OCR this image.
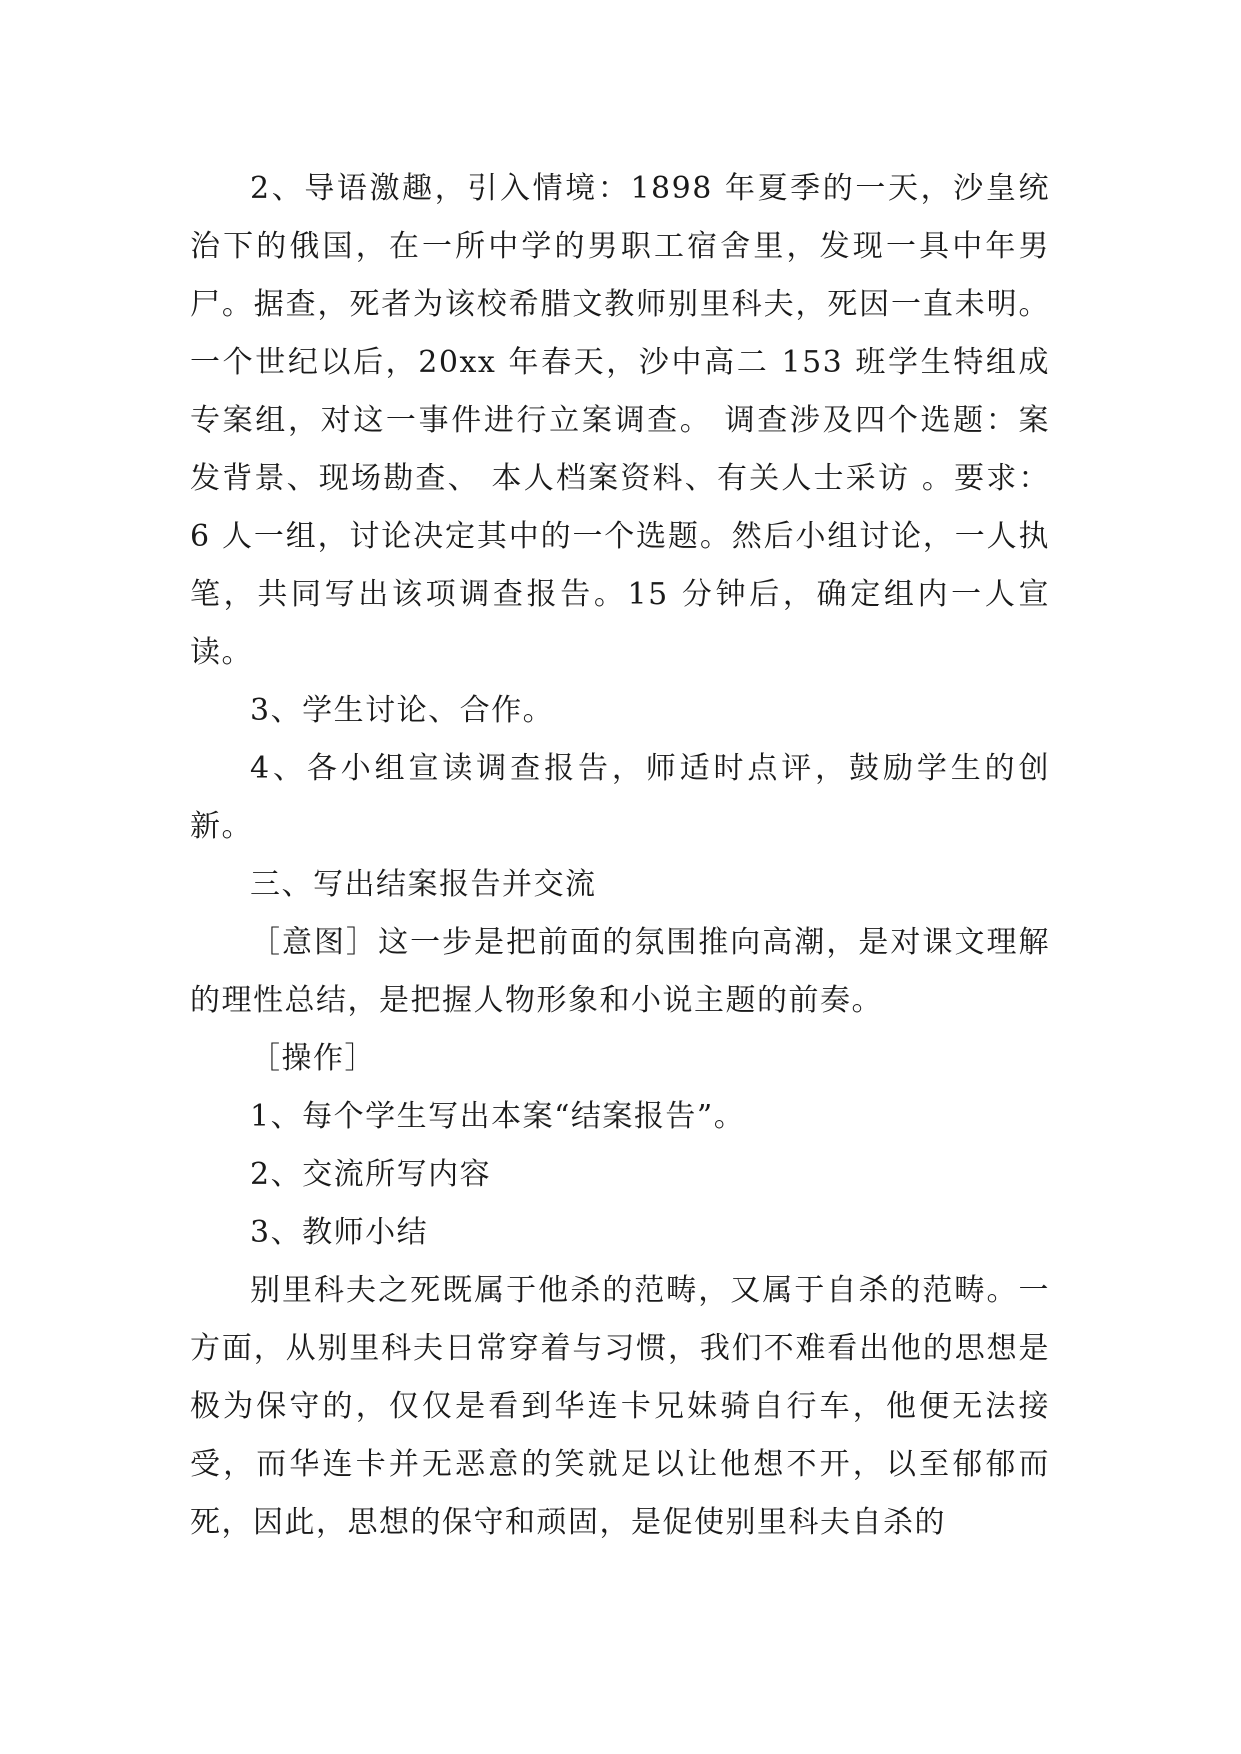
2、导语激趣，引入情境：1898 年夏季的一天，沙皇统治下的俄国，在一所中学的男职工宿舍里，发现一具中年男尸。据查，死者为该校希腊文教师别里科夫，死因一直未明。一个世纪以后，20xx 年春天，沙中高二 153 班学生特组成专案组，对这一事件进行立案调查。 调查涉及四个选题：案发背景、现场勘查、 本人档案资料、有关人士采访 。要求：6 人一组，讨论决定其中的一个选题。然后小组讨论，一人执笔，共同写出该项调查报告。15 分钟后，确定组内一人宣读。

3、学生讨论、合作。

4、各小组宣读调查报告，师适时点评，鼓励学生的创新。

三、写出结案报告并交流

［意图］这一步是把前面的氛围推向高潮，是对课文理解的理性总结，是把握人物形象和小说主题的前奏。

［操作］

1、每个学生写出本案“结案报告”。

2、交流所写内容

3、教师小结

别里科夫之死既属于他杀的范畴，又属于自杀的范畴。一方面，从别里科夫日常穿着与习惯，我们不难看出他的思想是极为保守的，仅仅是看到华连卡兄妹骑自行车，他便无法接受，而华连卡并无恶意的笑就足以让他想不开，以至郁郁而死，因此，思想的保守和顽固，是促使别里科夫自杀的
